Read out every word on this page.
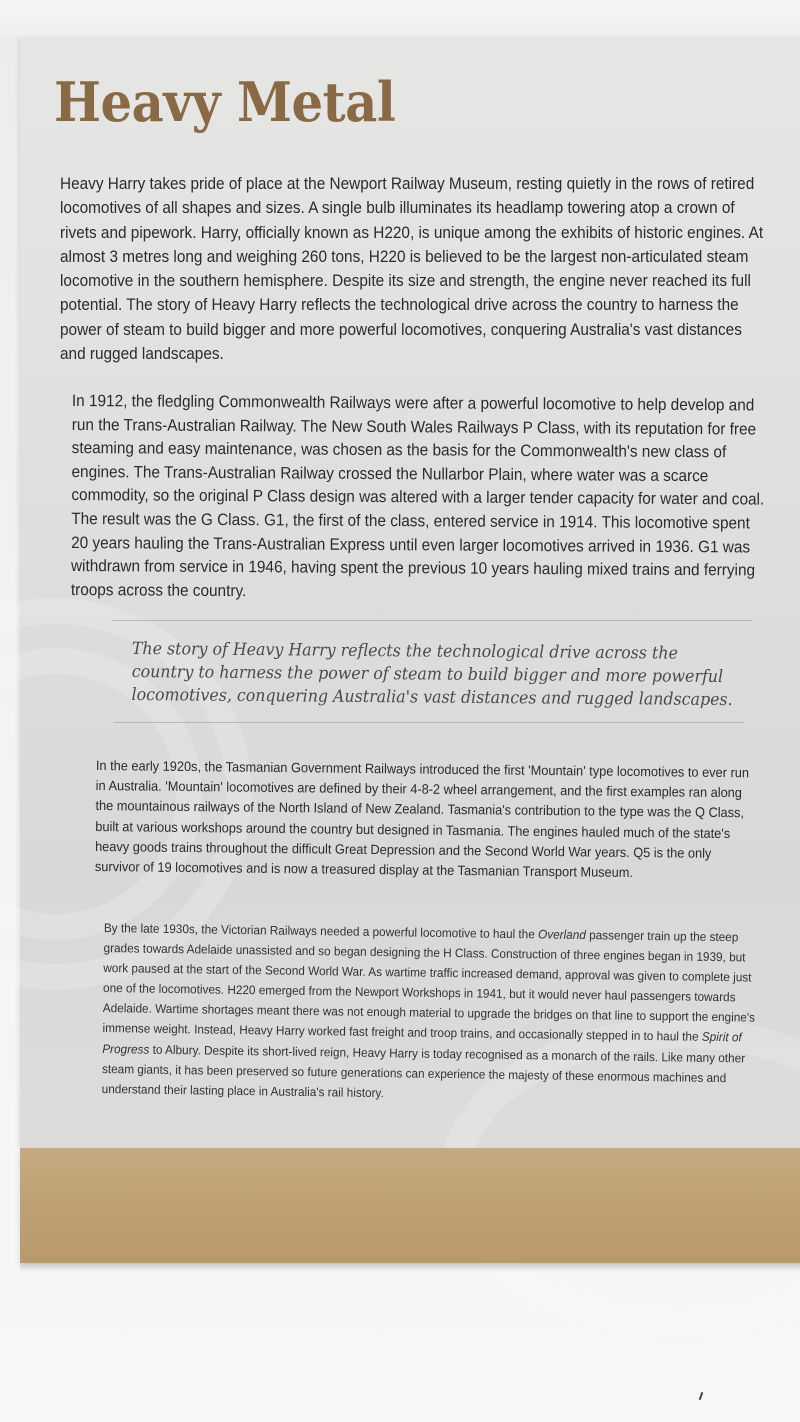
Heavy Metal

Heavy Harry takes pride of place at the Newport Railway Museum, resting quietly in the rows of retired locomotives of all shapes and sizes. A single bulb illuminates its headlamp towering atop a crown of rivets and pipework. Harry, officially known as H220, is unique among the exhibits of historic engines. At almost 3 metres long and weighing 260 tons, H220 is believed to be the largest non-articulated steam locomotive in the southern hemisphere. Despite its size and strength, the engine never reached its full potential. The story of Heavy Harry reflects the technological drive across the country to harness the power of steam to build bigger and more powerful locomotives, conquering Australia's vast distances and rugged landscapes.

In 1912, the fledgling Commonwealth Railways were after a powerful locomotive to help develop and run the Trans-Australian Railway. The New South Wales Railways P Class, with its reputation for free steaming and easy maintenance, was chosen as the basis for the Commonwealth's new class of engines. The Trans-Australian Railway crossed the Nullarbor Plain, where water was a scarce commodity, so the original P Class design was altered with a larger tender capacity for water and coal. The result was the G Class. G1, the first of the class, entered service in 1914. This locomotive spent 20 years hauling the Trans-Australian Express until even larger locomotives arrived in 1936. G1 was withdrawn from service in 1946, having spent the previous 10 years hauling mixed trains and ferrying troops across the country.

The story of Heavy Harry reflects the technological drive across the country to harness the power of steam to build bigger and more powerful locomotives, conquering Australia's vast distances and rugged landscapes.

In the early 1920s, the Tasmanian Government Railways introduced the first 'Mountain' type locomotives to ever run in Australia. 'Mountain' locomotives are defined by their 4-8-2 wheel arrangement, and the first examples ran along the mountainous railways of the North Island of New Zealand. Tasmania's contribution to the type was the Q Class, built at various workshops around the country but designed in Tasmania. The engines hauled much of the state's heavy goods trains throughout the difficult Great Depression and the Second World War years. Q5 is the only survivor of 19 locomotives and is now a treasured display at the Tasmanian Transport Museum.

By the late 1930s, the Victorian Railways needed a powerful locomotive to haul the Overland passenger train up the steep grades towards Adelaide unassisted and so began designing the H Class. Construction of three engines began in 1939, but work paused at the start of the Second World War. As wartime traffic increased demand, approval was given to complete just one of the locomotives. H220 emerged from the Newport Workshops in 1941, but it would never haul passengers towards Adelaide. Wartime shortages meant there was not enough material to upgrade the bridges on that line to support the engine's immense weight. Instead, Heavy Harry worked fast freight and troop trains, and occasionally stepped in to haul the Spirit of Progress to Albury. Despite its short-lived reign, Heavy Harry is today recognised as a monarch of the rails. Like many other steam giants, it has been preserved so future generations can experience the majesty of these enormous machines and understand their lasting place in Australia's rail history.
